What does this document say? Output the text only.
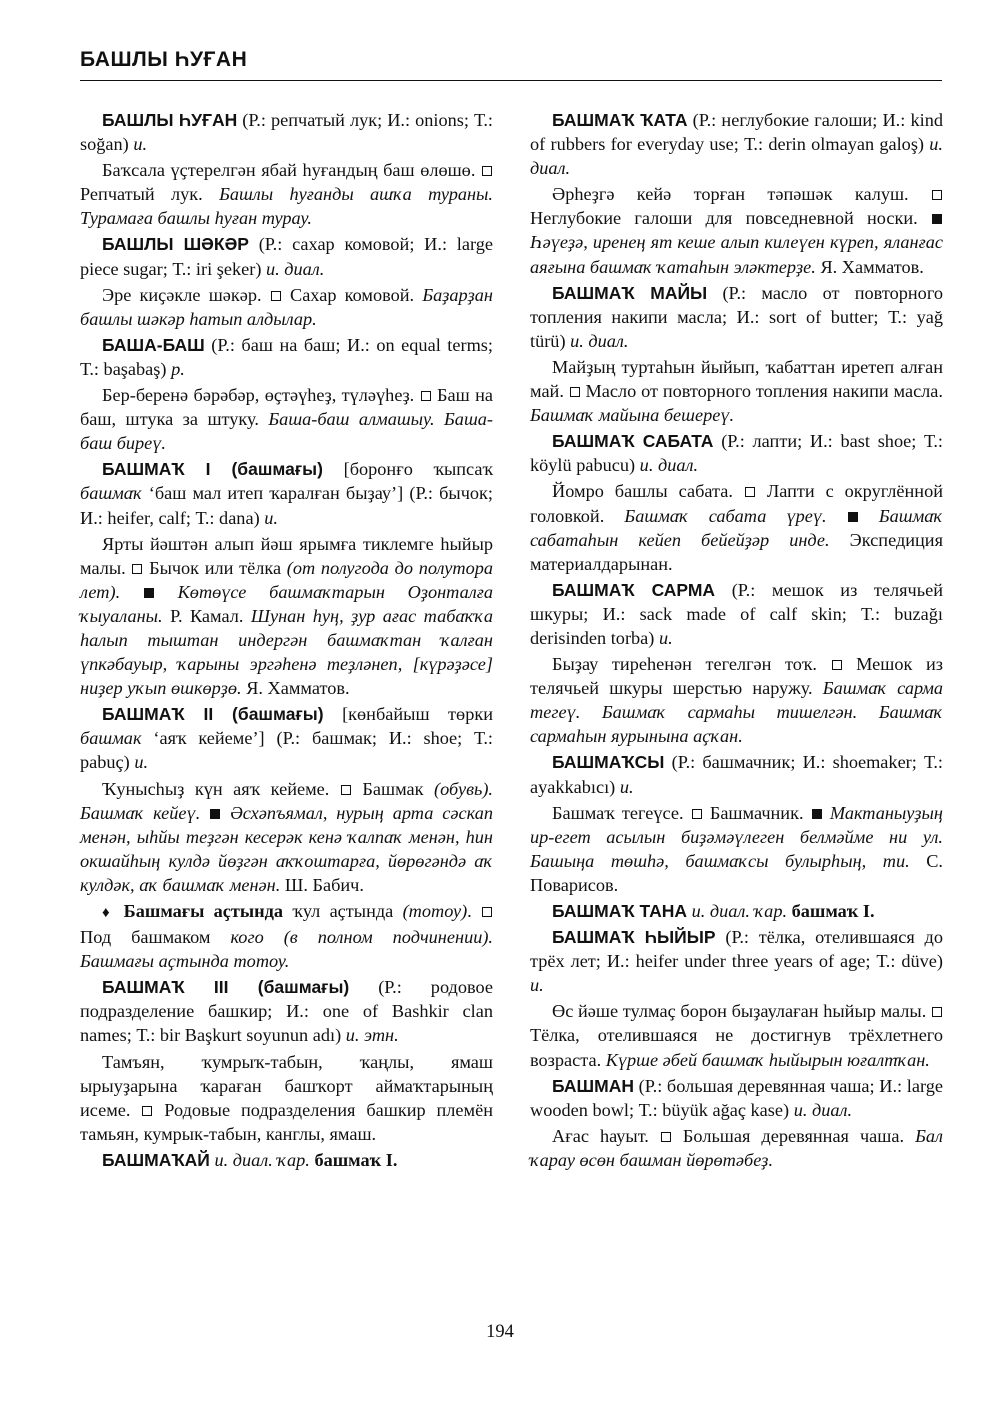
БАШЛЫ ҺУҒАН

БАШЛЫ ҺУҒАН (Р.: репчатый лук; И.: onions; Т.: soğan) и.

Баҡсала үҫтерелгән ябай һуғандың баш өлөшө.  Репчатый лук. Башлы һуғанды ашҡа тураны. Турамаға башлы һуған турау.

БАШЛЫ ШӘКӘР (Р.: сахар комовой; И.: large piece sugar; Т.: iri şeker) и. диал.

Эре киҫәкле шәкәр.  Сахар комовой. Баҙарҙан башлы шәкәр һатып алдылар.

БАША-БАШ (Р.: баш на баш; И.: on equal terms; Т.: başabaş) р.

Бер-беренә бәрәбәр, өҫтәүһеҙ, түләүһеҙ.  Баш на баш, штука за штуку. Баша-баш алмашыу. Баша-баш биреү.

БАШМАҠ I (башмағы) [боронғо ҡыпсаҡ башмаҡ ‘баш мал итеп ҡаралған быҙау’] (Р.: бычок; И.: heifer, calf; Т.: dana) и.

Ярты йәштән алып йәш ярымға тиклемге һыйыр малы.  Бычок или тёлка (от полугода до полутора лет).	Көтөүсе башмаҡтарын Оҙонталға ҡыуаланы. Р. Камал. Шунан һуң, ҙур ағас табаҡҡа һалып тыштан индергән башмаҡтан ҡалған үпкәбауыр, ҡарыны эргәһенә теҙләнеп, [күрәҙәсе] ниҙер уҡып өшкөрҙө. Я. Хамматов.

БАШМАҠ II (башмағы) [көнбайыш төрки башмак ‘аяҡ кейеме’] (Р.: башмак; И.: shoe; Т.: pabuç) и.

Ҡунысһыҙ күн аяҡ кейеме.  Башмак (обувь). Башмаҡ кейеү. Әсхәпъямал, нурың арта сәскап менән, ыһйы теҙгән кесерәк кенә ҡалпаҡ менән, һин окшайһың кулдә йөҙгән аҡҡоштарға, йөрөгәндә аҡ кулдәк, аҡ башмаҡ менән. Ш. Бабич.

♦ Башмағы аҫтында ҡул аҫтында (тотоу).  Под башмаком кого (в полном подчинении). Башмағы аҫтында тотоу.

БАШМАҠ III (башмағы) (Р.: родовое подразделение башкир; И.: one of Bashkir clan names; Т.: bir Başkurt soyunun adı) и. этн.

Тамъян, ҡумрыҡ-табын, ҡаңлы, ямаш ырыуҙарына ҡараған башҡорт аймаҡтарының исеме.  Родовые подразделения башкир племён тамьян, кумрык-табын, канглы, ямаш.

БАШМАҠАЙ и. диал. ҡар. башмаҡ I.

БАШМАҠ ҠАТА (Р.: неглубокие галоши; И.: kind of rubbers for everyday use; Т.: derin olmayan galoş) и. диал.

Әрһеҙгә кейә торған тәпәшәк калуш.  Неглубокие галоши для повседневной носки.  Һәүеҙә, иренең ят кеше алып килеүен күреп, яланғас аяғына башмаҡ ҡатаһын эләктерҙе. Я. Хамматов.

БАШМАҠ МАЙЫ (Р.: масло от повторного топления накипи масла; И.: sort of butter; Т.: yağ türü) и. диал.

Майҙың туртаһын йыйып, ҡабаттан иретеп алған май.  Масло от повторного топления накипи масла. Башмаҡ майына бешереү.

БАШМАҠ САБАТА (Р.: лапти; И.: bast shoe; Т.: köylü pabucu) и. диал.

Йомро башлы сабата.  Лапти с округлённой головкой. Башмаҡ сабата үреү.	Башмаҡ сабатаһын кейеп бейейҙәр инде. Экспедиция материалдарынан.

БАШМАҠ САРМА (Р.: мешок из телячьей шкуры; И.: sack made of calf skin; Т.: buzağı derisinden torba) и.

Быҙау тиреһенән тегелгән тоҡ.  Мешок из телячьей шкуры шерстью наружу. Башмаҡ сарма тегеү. Башмаҡ сармаһы тишелгән. Башмаҡ сармаһын яурынына аҫҡан.

БАШМАҠСЫ (Р.: башмачник; И.: shoemaker; Т.: ayakkabıcı) и.

Башмаҡ тегеүсе.  Башмачник.  Мактаныуҙың ир-егет асылын биҙәмәүлеген белмәйме ни ул. Башыңа төшһә, башмаҡсы булырһың, ти. С. Поварисов.

БАШМАҠ ТАНА и. диал. ҡар. башмаҡ I.

БАШМАҠ ҺЫЙЫР (Р.: тёлка, отелившаяся до трёх лет; И.: heifer under three years of age; Т.: düve) и.

Өс йәше тулмаҫ борон быҙаулаған һыйыр малы.  Тёлка, отелившаяся не достигнув трёхлетнего возраста. Күрше әбей башмаҡ һыйырын юғалтҡан.

БАШМАН (Р.: большая деревянная чаша; И.: large wooden bowl; Т.: büyük ağaç kase) и. диал.

Ағас һауыт.  Большая деревянная чаша. Бал ҡарау өсөн башман йөрөтәбеҙ.

194
